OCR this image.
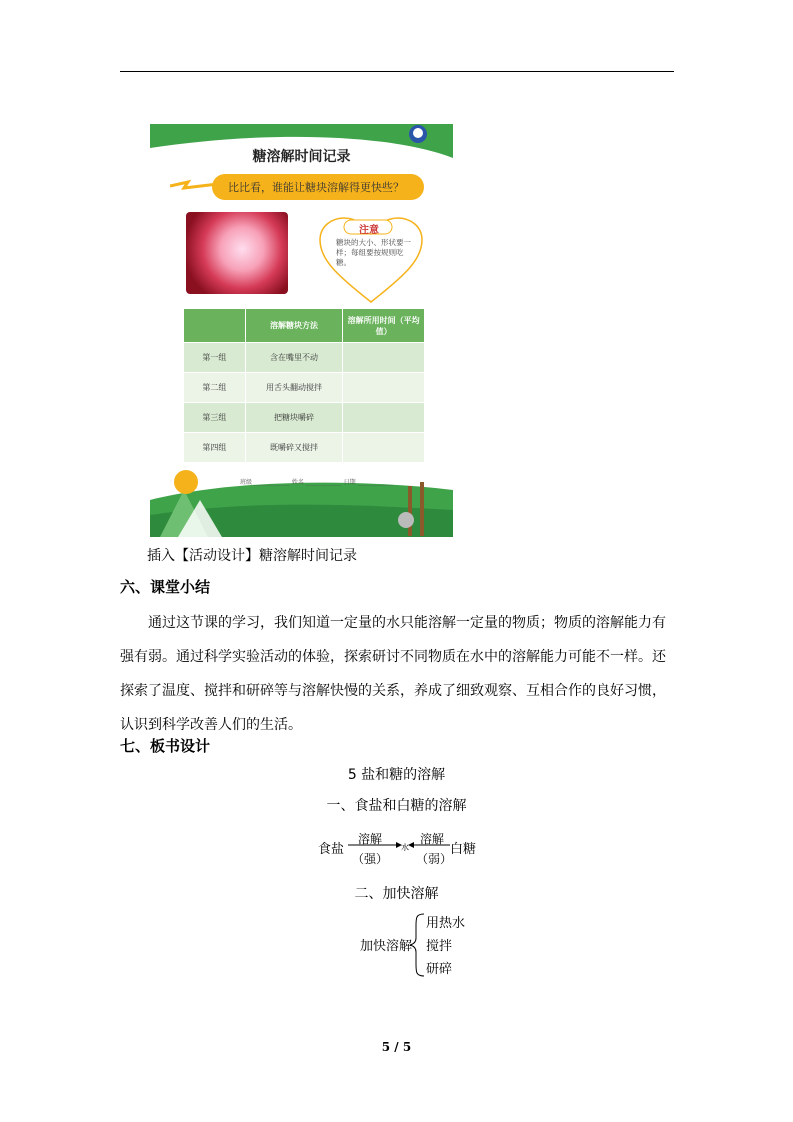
糖溶解时间记录
比比看，谁能让糖块溶解得更快些？
注意
糖块的大小、形状要一样；每组要按规则吃糖。
	溶解糖块方法	溶解所用时间（平均值）
第一组	含在嘴里不动	
第二组	用舌头翻动搅拌	
第三组	把糖块嚼碎	
第四组	既嚼碎又搅拌	
班级 ____________ 姓名 ____________ 日期 ____________
插入【活动设计】糖溶解时间记录
六、课堂小结
通过这节课的学习，我们知道一定量的水只能溶解一定量的物质；物质的溶解能力有强有弱。通过科学实验活动的体验，探索研讨不同物质在水中的溶解能力可能不一样。还探索了温度、搅拌和研碎等与溶解快慢的关系，养成了细致观察、互相合作的良好习惯，认识到科学改善人们的生活。
七、板书设计
5 盐和糖的溶解
一、食盐和白糖的溶解
食盐
溶解
（强）
水
溶解
（弱）
白糖
二、加快溶解
加快溶解
用热水
搅拌
研碎
5 / 5
